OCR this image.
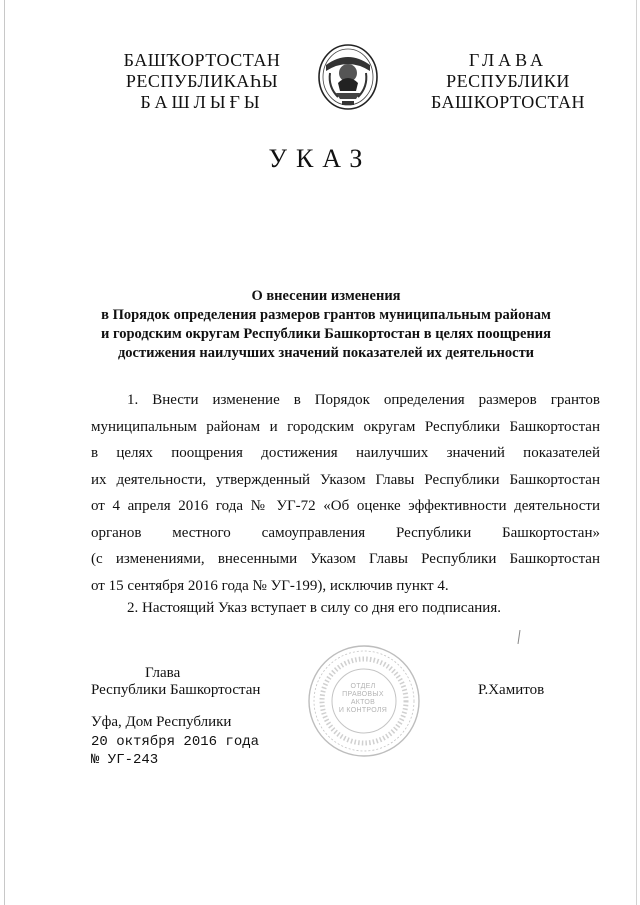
БАШҠОРТОСТАН
РЕСПУБЛИКАҺЫ
БАШЛЫҒЫ
ГЛАВА
РЕСПУБЛИКИ
БАШКОРТОСТАН
УКАЗ
О внесении изменения
в Порядок определения размеров грантов муниципальным районам
и городским округам Республики Башкортостан в целях поощрения
достижения наилучших значений показателей их деятельности
1. Внести изменение в Порядок определения размеров грантов
муниципальным районам и городским округам Республики Башкортостан
в целях поощрения достижения наилучших значений показателей
их деятельности, утвержденный Указом Главы Республики Башкортостан
от 4 апреля 2016 года № УГ-72 «Об оценке эффективности деятельности
органов местного самоуправления Республики Башкортостан»
(с изменениями, внесенными Указом Главы Республики Башкортостан
от 15 сентября 2016 года № УГ-199), исключив пункт 4.
2. Настоящий Указ вступает в силу со дня его подписания.
ОТДЕЛ
ПРАВОВЫХ АКТОВ
И КОНТРОЛЯ
Глава
Республики Башкортостан	Р.Хамитов
Уфа, Дом Республики
20 октября 2016 года
№ УГ-243
